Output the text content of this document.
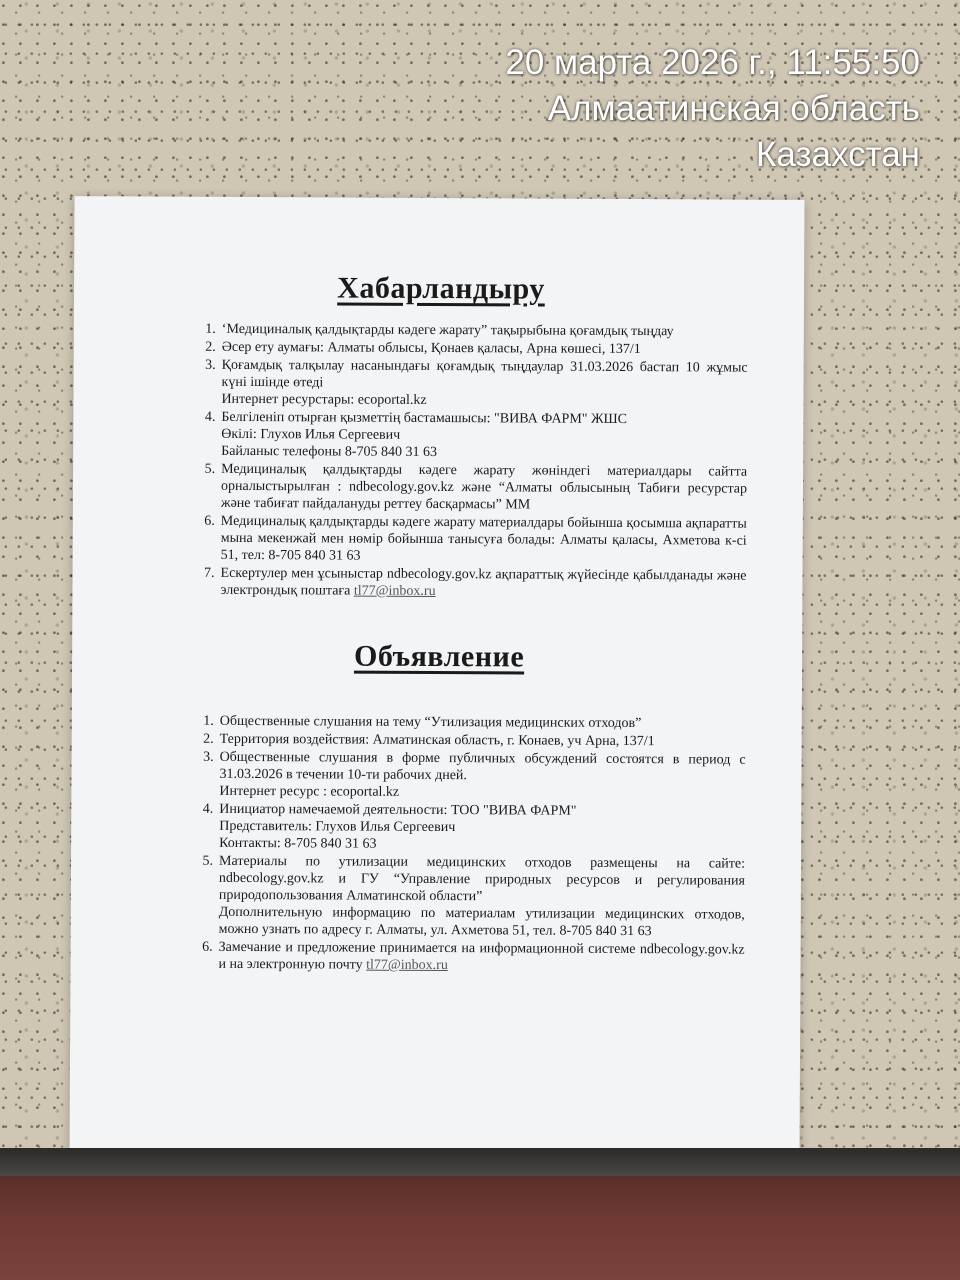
20 марта 2026 г., 11:55:50
Алмаатинская область
Казахстан
Хабарландыру
1. ‘Медициналық қалдықтарды кәдеге жарату” тақырыбына қоғамдық тыңдау
2. Әсер ету аумағы: Алматы облысы, Қонаев қаласы, Арна көшесі, 137/1
3. Қоғамдық талқылау насанындағы қоғамдық тыңдаулар 31.03.2026 бастап 10 жұмыс күні ішінде өтеді
Интернет ресурстары: ecoportal.kz
4. Белгіленіп отырған қызметтің бастамашысы: "ВИВА ФАРМ" ЖШС
Өкілі: Глухов Илья Сергеевич
Байланыс телефоны 8-705 840 31 63
5. Медициналық қалдықтарды кәдеге жарату жөніндегі материалдары сайтта орналыстырылған : ndbecology.gov.kz және “Алматы облысының Табиғи ресурстар және табиғат пайдалануды реттеу басқармасы” ММ
6. Медициналық қалдықтарды кәдеге жарату материалдары бойынша қосымша ақпаратты мына мекенжай мен нөмір бойынша танысуға болады: Алматы қаласы, Ахметова к-сі 51, тел: 8-705 840 31 63
7. Ескертулер мен ұсыныстар ndbecology.gov.kz ақпараттық жүйесінде қабылданады және электрондық поштаға tl77@inbox.ru
Объявление
1. Общественные слушания на тему “Утилизация медицинских отходов”
2. Территория воздействия: Алматинская область, г. Конаев, уч Арна, 137/1
3. Общественные слушания в форме публичных обсуждений состоятся в период с 31.03.2026 в течении 10-ти рабочих дней.
Интернет ресурс : ecoportal.kz
4. Инициатор намечаемой деятельности: ТОО "ВИВА ФАРМ"
Представитель: Глухов Илья Сергеевич
Контакты: 8-705 840 31 63
5. Материалы по утилизации медицинских отходов размещены на сайте: ndbecology.gov.kz и ГУ “Управление природных ресурсов и регулирования природопользования Алматинской области”
Дополнительную информацию по материалам утилизации медицинских отходов, можно узнать по адресу г. Алматы, ул. Ахметова 51, тел. 8-705 840 31 63
6. Замечание и предложение принимается на информационной системе ndbecology.gov.kz и на электронную почту tl77@inbox.ru
